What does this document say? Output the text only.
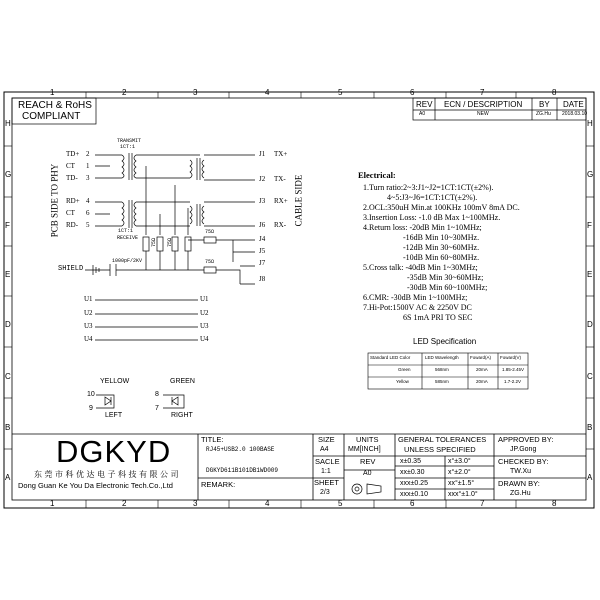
1
1
2
2
3
3
4
4
5
5
6
6
7
7
8
8
H	H
G	G
F	F
E	E
D	D
C	C
B	B
A	A
REACH & RoHS
COMPLIANT
REV ECN / DESCRIPTION BY DATE
A0	NEW	ZG.Hu 2018.03.10
TRANSMIT
1CT:1
1CT:1
RECEIVE
PCB SIDE TO PHY	CABLE SIDE
TD+ 2
CT 1
TD- 3
RD+ 4
CT 6
RD- 5
J1 TX+
J2 TX-
J3 RX+
J6 RX-
J4
J5
J7
J8
75Ω 75Ω
75Ω
75Ω
1000pF/2KV
SHIELD
U1	U1
U2	U2
U3	U3
U4	U4
YELLOW
10
9
LEFT
GREEN
8
7
RIGHT
Electrical:
1.Turn ratio:2~3:J1~J2=1CT:1CT(±2%).
4~5:J3~J6=1CT:1CT(±2%).
2.OCL:350uH Min.at 100KHz 100mV 8mA DC.
3.Insertion Loss: -1.0 dB Max 1~100MHz.
4.Return loss: -20dB Min 1~10MHz;
-16dB Min 10~30MHz.
-12dB Min 30~60MHz.
-10dB Min 60~80MHz.
5.Cross talk: -40dB Min 1~30MHz;
-35dB Min 30~60MHz;
-30dB Min 60~100MHz;
6.CMR: -30dB Min 1~100MHz;
7.Hi-Pot:1500V AC & 2250V DC
6S 1mA PRI TO SEC
LED Specification
Standard LED Color	LED Wavelength	Foward(A) Foward(V)
Green	568nm	20mA	1.85-2.45V
Yellow	585nm	20mA	1.7-2.2V
DGKYD
东莞市科优达电子科技有限公司
Dong Guan Ke You Da Electronic Tech.Co.,Ltd
TITLE:
RJ45+USB2.0 100BASE
DGKYD611B101DB1WD009
REMARK:
SIZE
A4
UNITS
MM[INCH]
SACLE
1:1
REV
A0
SHEET
2/3
GENERAL TOLERANCES
UNLESS SPECIFIED
x±0.35	x°±3.0°
xx±0.30	x°±2.0°
xxx±0.25	xx°±1.5°
xxx±0.10	xxx°±1.0°
APPROVED BY:
JP.Gong
CHECKED BY:
TW.Xu
DRAWN BY:
ZG.Hu
